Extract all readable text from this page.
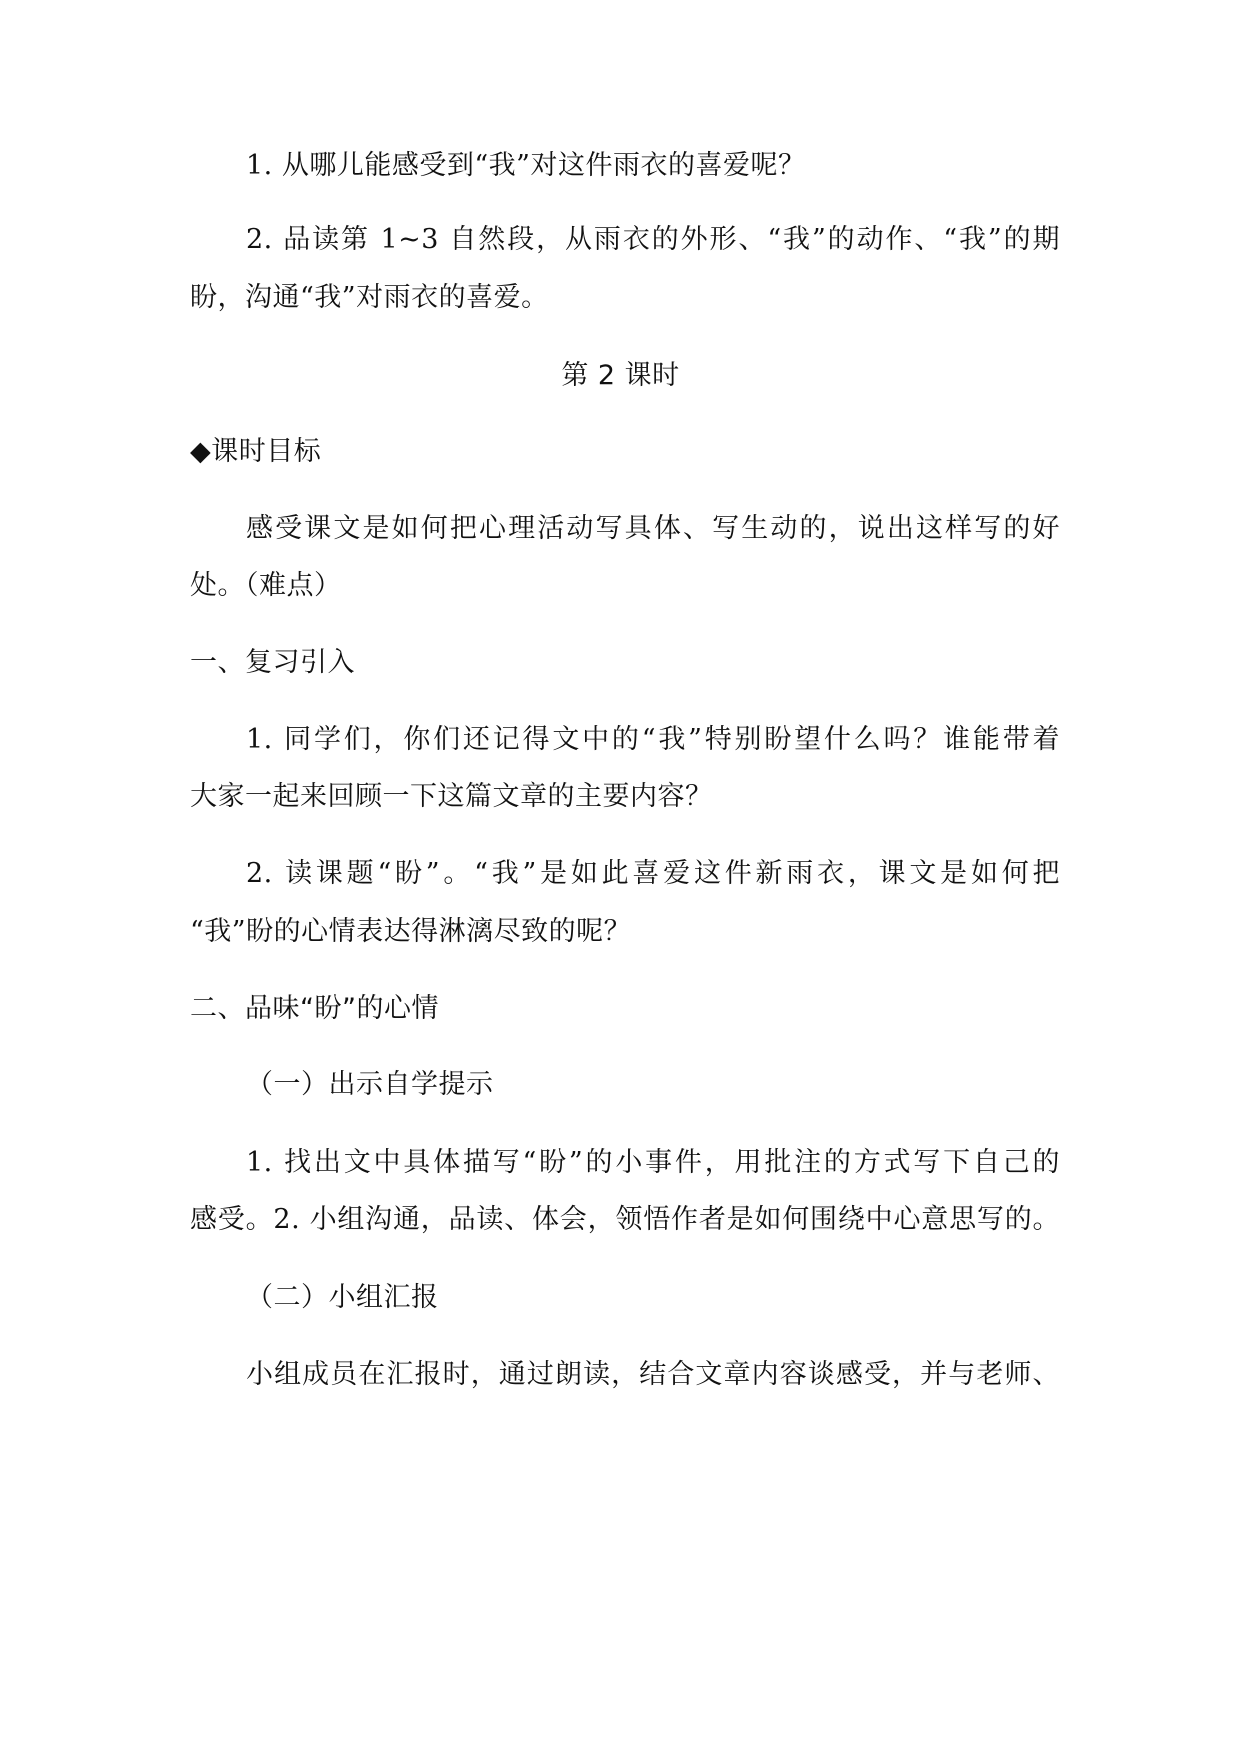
1. 从哪儿能感受到“我”对这件雨衣的喜爱呢？
2. 品读第 1~3 自然段，从雨衣的外形、“我”的动作、“我”的期
盼，沟通“我”对雨衣的喜爱。
第 2 课时
◆课时目标
感受课文是如何把心理活动写具体、写生动的，说出这样写的好
处。（难点）
一、复习引入
1. 同学们，你们还记得文中的“我”特别盼望什么吗？谁能带着
大家一起来回顾一下这篇文章的主要内容？
2. 读课题“盼”。“我”是如此喜爱这件新雨衣，课文是如何把
“我”盼的心情表达得淋漓尽致的呢？
二、品味“盼”的心情
（一）出示自学提示
1. 找出文中具体描写“盼”的小事件，用批注的方式写下自己的
感受。2. 小组沟通，品读、体会，领悟作者是如何围绕中心意思写的。
（二）小组汇报
小组成员在汇报时，通过朗读，结合文章内容谈感受，并与老师、
